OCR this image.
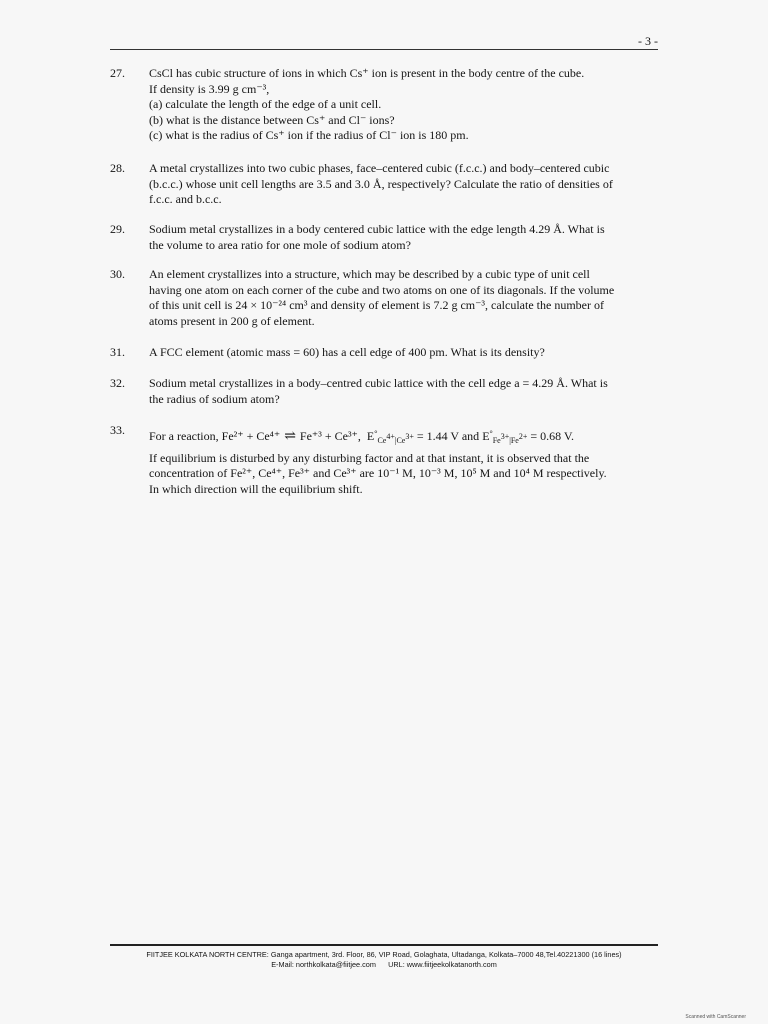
- 3 -
27. CsCl has cubic structure of ions in which Cs⁺ ion is present in the body centre of the cube.
If density is 3.99 g cm⁻³,
(a) calculate the length of the edge of a unit cell.
(b) what is the distance between Cs⁺ and Cl⁻ ions?
(c) what is the radius of Cs⁺ ion if the radius of Cl⁻ ion is 180 pm.
28. A metal crystallizes into two cubic phases, face–centered cubic (f.c.c.) and body–centered cubic
(b.c.c.) whose unit cell lengths are 3.5 and 3.0 Å, respectively? Calculate the ratio of densities of
f.c.c. and b.c.c.
29. Sodium metal crystallizes in a body centered cubic lattice with the edge length 4.29 Å. What is
the volume to area ratio for one mole of sodium atom?
30. An element crystallizes into a structure, which may be described by a cubic type of unit cell
having one atom on each corner of the cube and two atoms on one of its diagonals. If the volume
of this unit cell is 24 × 10⁻²⁴ cm³ and density of element is 7.2 g cm⁻³, calculate the number of
atoms present in 200 g of element.
31. A FCC element (atomic mass = 60) has a cell edge of 400 pm. What is its density?
32. Sodium metal crystallizes in a body–centred cubic lattice with the cell edge a = 4.29 Å. What is
the radius of sodium atom?
33. For a reaction, Fe²⁺ + Ce⁴⁺ ⇌ Fe⁺³ + Ce³⁺, $E^\circ_{Ce^{4+}|Ce^{3+}} = 1.44$ V and $E^\circ_{Fe^{3+}|Fe^{2+}} = 0.68$ V.
If equilibrium is disturbed by any disturbing factor and at that instant, it is observed that the
concentration of Fe²⁺, Ce⁴⁺, Fe³⁺ and Ce³⁺ are 10⁻¹ M, 10⁻³ M, 10⁵ M and 10⁴ M respectively.
In which direction will the equilibrium shift.
FIITJEE KOLKATA NORTH CENTRE: Ganga apartment, 3rd. Floor, 86, VIP Road, Golaghata, Ultadanga, Kolkata–7000 48,Tel.40221300 (16 lines)
E-Mail: northkolkata@fiitjee.com URL: www.fiitjeekolkatanorth.com
Scanned with CamScanner
